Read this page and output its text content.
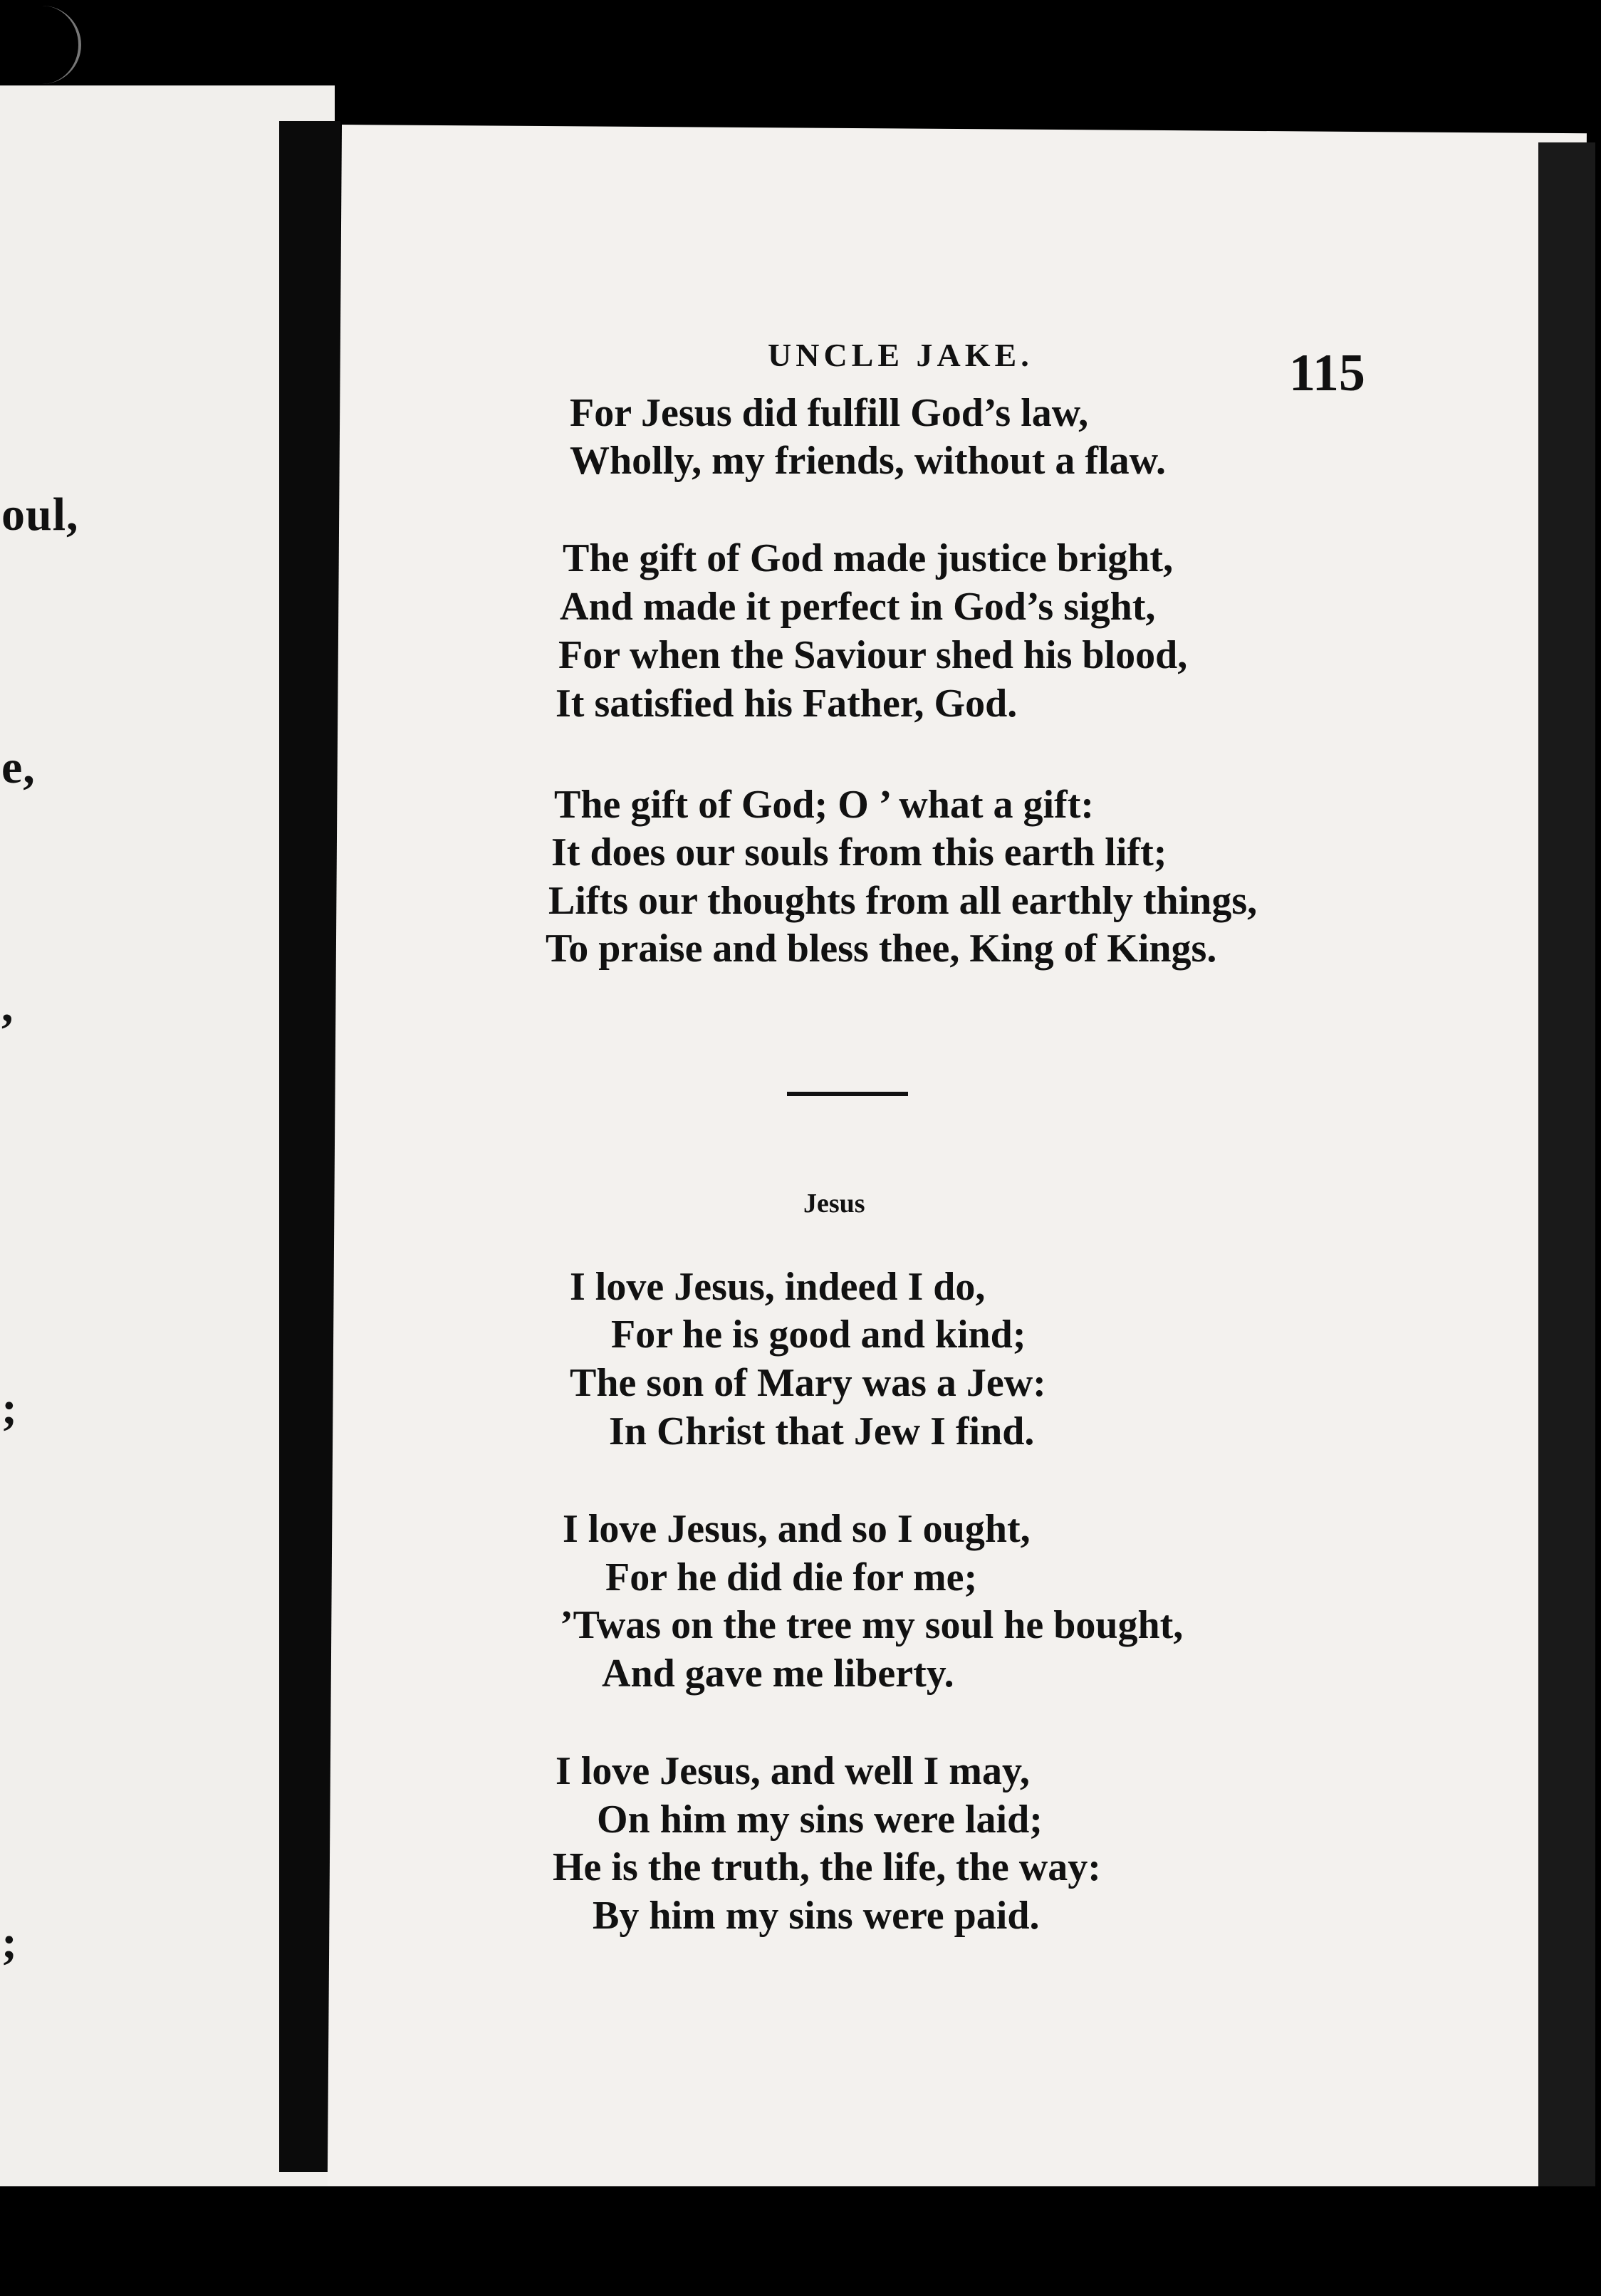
oul,
e,
,
;
;
UNCLE JAKE.	115
For Jesus did fulfill God’s law,
Wholly, my friends, without a flaw.
The gift of God made justice bright,
And made it perfect in God’s sight,
For when the Saviour shed his blood,
It satisfied his Father, God.
The gift of God; O ’ what a gift:
It does our souls from this earth lift;
Lifts our thoughts from all earthly things,
To praise and bless thee, King of Kings.
Jesus
I love Jesus, indeed I do,
For he is good and kind;
The son of Mary was a Jew:
In Christ that Jew I find.
I love Jesus, and so I ought,
For he did die for me;
’Twas on the tree my soul he bought,
And gave me liberty.
I love Jesus, and well I may,
On him my sins were laid;
He is the truth, the life, the way:
By him my sins were paid.
